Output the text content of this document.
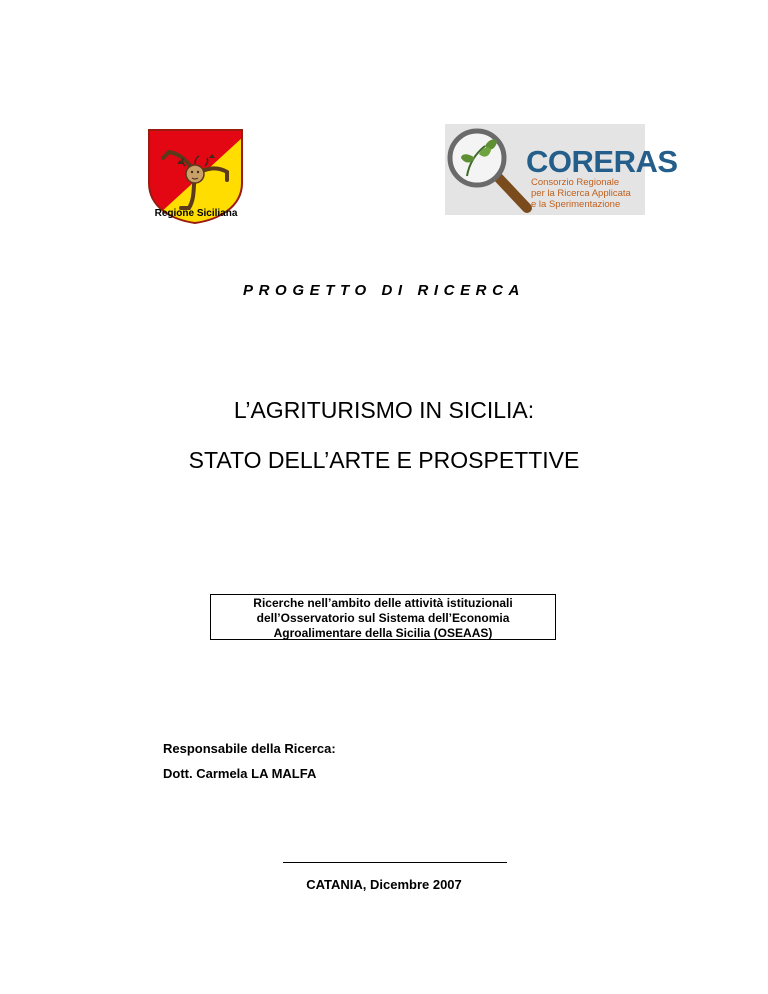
Regione Siciliana
CORERAS
Consorzio Regionale
per la Ricerca Applicata
e la Sperimentazione
PROGETTO DI RICERCA
L’AGRITURISMO IN SICILIA:
STATO DELL’ARTE E PROSPETTIVE
Ricerche nell’ambito delle attività istituzionali
dell’Osservatorio sul Sistema dell’Economia
Agroalimentare della Sicilia (OSEAAS)
Responsabile della Ricerca:
Dott. Carmela LA MALFA
CATANIA, Dicembre 2007
